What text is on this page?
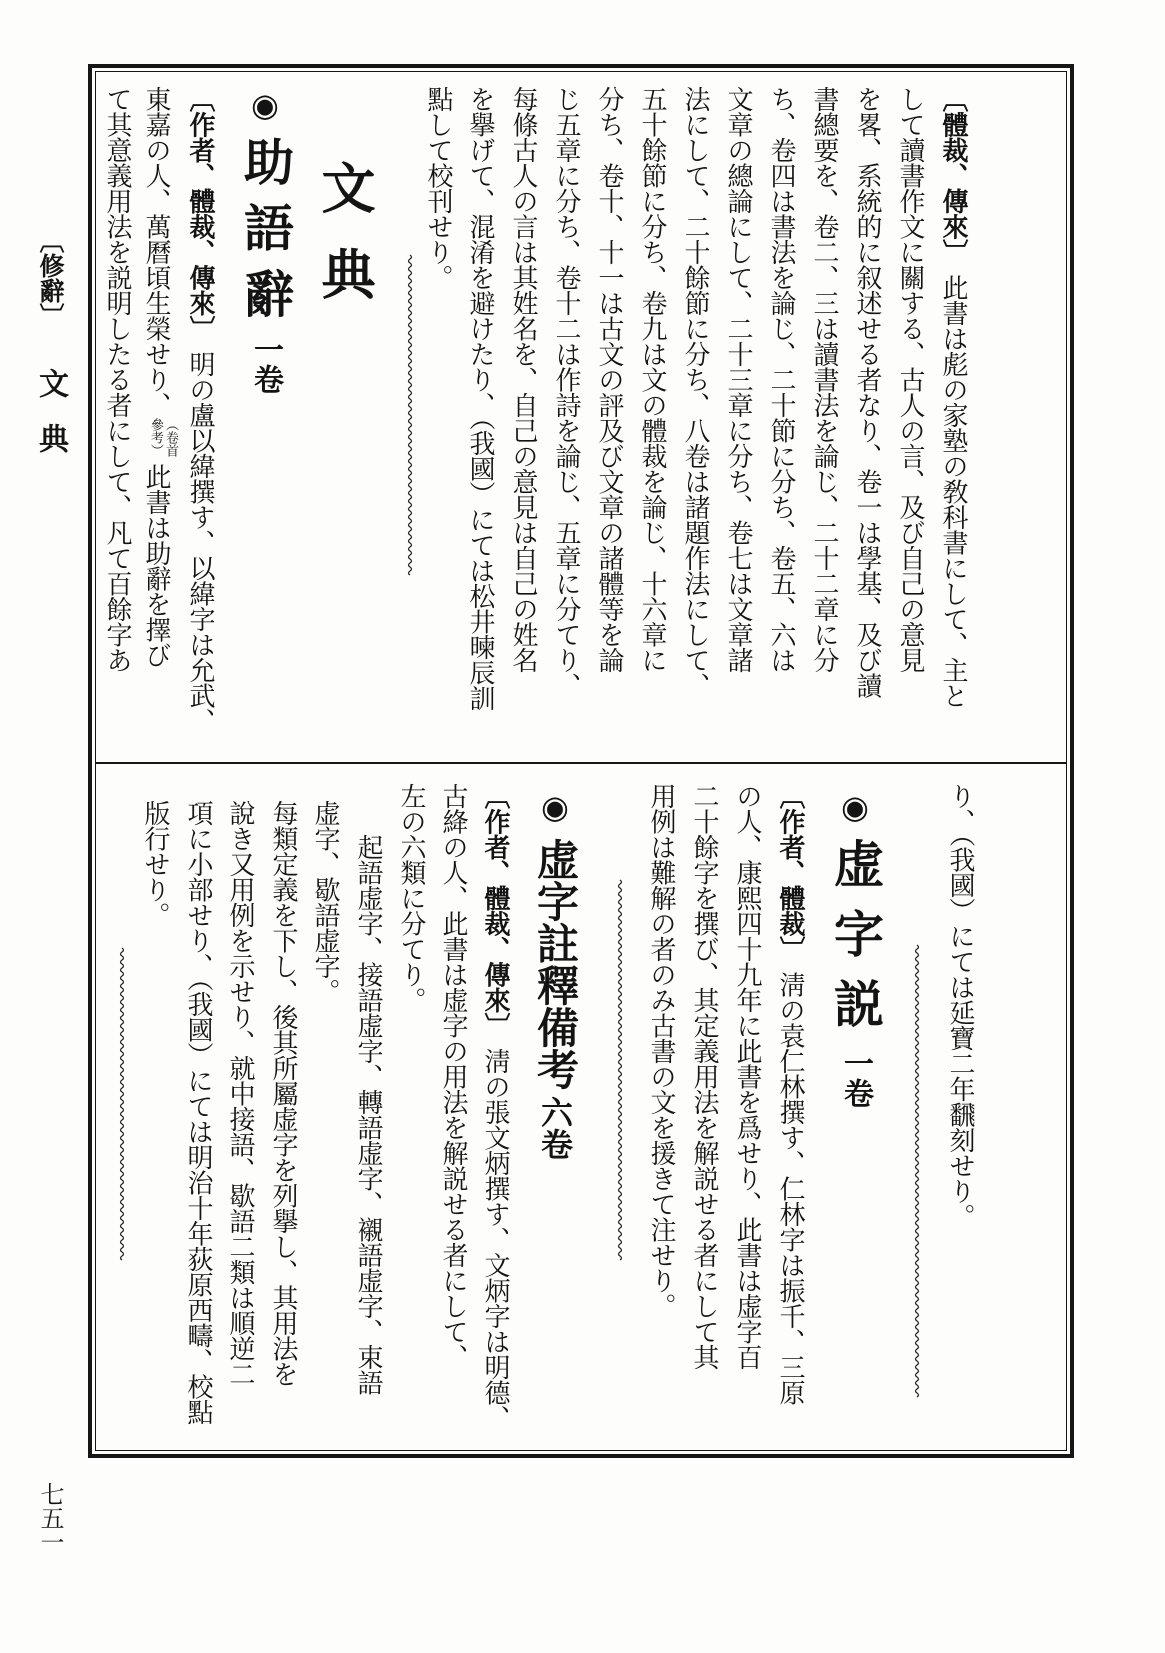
〔修辭〕
文典
七五一
〔體裁、傳來〕此書は彪の家塾の敎科書にして、主と
して讀書作文に關する、古人の言、及び自己の意見
を畧、系統的に叙述せる者なり、卷一は學基、及び讀
書總要を、卷二、三は讀書法を論じ、二十二章に分
ち、卷四は書法を論じ、二十節に分ち、卷五、六は
文章の總論にして、二十三章に分ち、卷七は文章諸
法にして、二十餘節に分ち、八卷は諸題作法にして、
五十餘節に分ち、卷九は文の體裁を論じ、十六章に
分ち、卷十、十一は古文の評及び文章の諸體等を論
じ五章に分ち、卷十二は作詩を論じ、五章に分てり、
每條古人の言は其姓名を、自己の意見は自己の姓名
を擧げて、混淆を避けたり、（我國）にては松井暕辰訓
點して校刊せり。
文典
◉助語辭一卷
〔作者、體裁、傳來〕明の盧以緯撰す、以緯字は允武、
東嘉の人、萬曆頃生榮せり、
（卷首
參考）
此書は助辭を擇び
て其意義用法を説明したる者にして、凡て百餘字あ
り、（我國）にては延寶二年飜刻せり。
◉虚字説一卷
〔作者、體裁〕淸の袁仁林撰す、仁林字は振千、三原
の人、康熙四十九年に此書を爲せり、此書は虚字百
二十餘字を撰び、其定義用法を解説せる者にして其
用例は難解の者のみ古書の文を援きて注せり。
◉虚字註釋備考六卷
〔作者、體裁、傳來〕淸の張文炳撰す、文炳字は明德、
古絳の人、此書は虚字の用法を解説せる者にして、
左の六類に分てり。
起語虚字、接語虚字、轉語虚字、襯語虚字、束語
虚字、歇語虚字。
每類定義を下し、後其所屬虚字を列擧し、其用法を
說き又用例を示せり、就中接語、歇語二類は順逆二
項に小部せり、（我國）にては明治十年荻原西疇、校點
版行せり。
